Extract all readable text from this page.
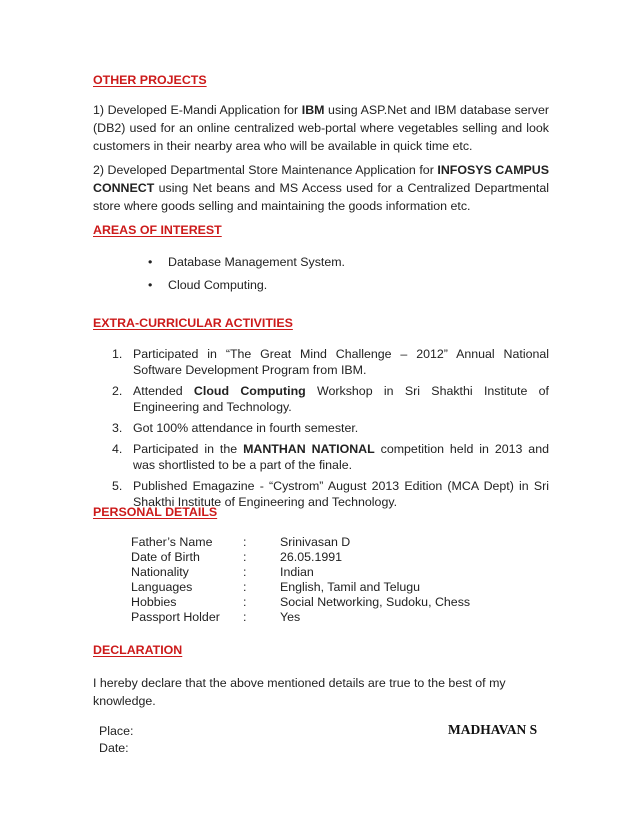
OTHER PROJECTS

1) Developed E-Mandi Application for IBM using ASP.Net and IBM database server (DB2) used for an online centralized web-portal where vegetables selling and look customers in their nearby area who will be available in quick time etc.

2) Developed Departmental Store Maintenance Application for INFOSYS CAMPUS CONNECT using Net beans and MS Access used for a Centralized Departmental store where goods selling and maintaining the goods information etc.

AREAS OF INTEREST
• Database Management System.
• Cloud Computing.
EXTRA-CURRICULAR ACTIVITIES
1. Participated in “The Great Mind Challenge – 2012” Annual National Software Development Program from IBM.
2. Attended Cloud Computing Workshop in Sri Shakthi Institute of Engineering and Technology.
3. Got 100% attendance in fourth semester.
4. Participated in the MANTHAN NATIONAL competition held in 2013 and was shortlisted to be a part of the finale.
5. Published Emagazine - “Cystrom” August 2013 Edition (MCA Dept) in Sri Shakthi Institute of Engineering and Technology.
PERSONAL DETAILS
Father’s Name	:	Srinivasan D
Date of Birth	:	26.05.1991
Nationality	:	Indian
Languages	:	English, Tamil and Telugu
Hobbies	:	Social Networking, Sudoku, Chess
Passport Holder	:	Yes
DECLARATION

I hereby declare that the above mentioned details are true to the best of my knowledge.

Place:
Date:
MADHAVAN S
